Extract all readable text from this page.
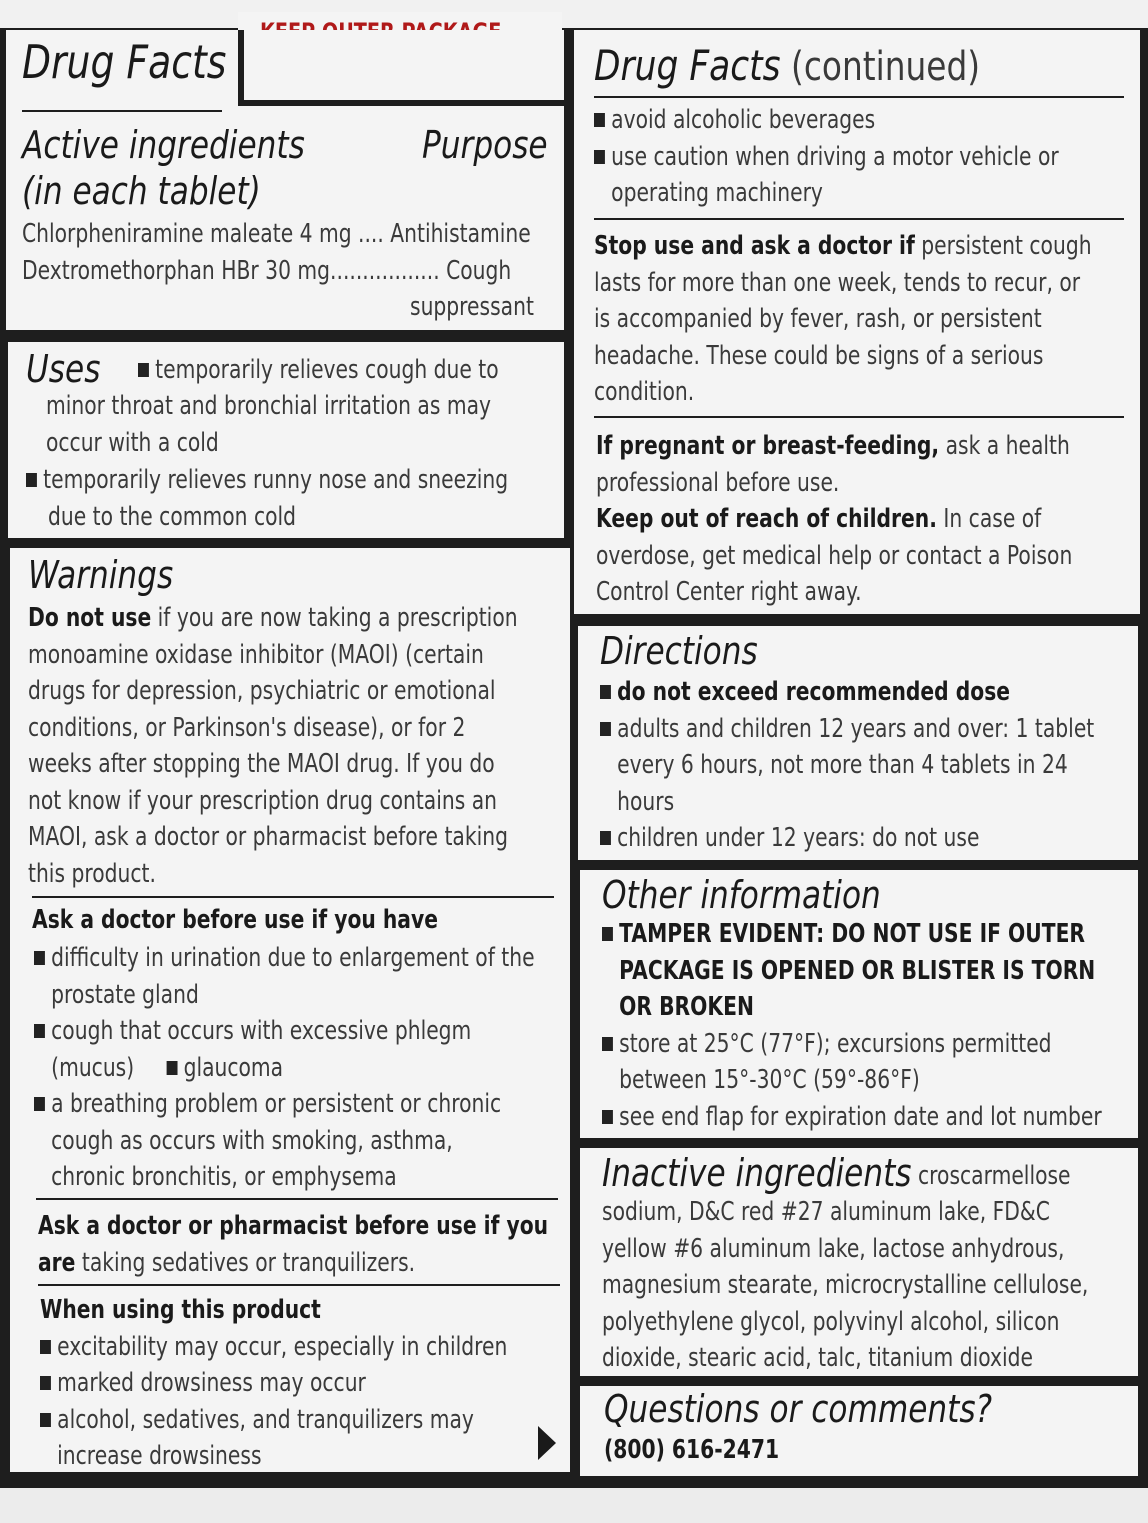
Drug Facts
Active ingredients
(in each tablet)
Purpose
Chlorpheniramine maleate 4 mg .... Antihistamine
Dextromethorphan HBr 30 mg................. Cough
suppressant
Uses	temporarily relieves cough due to
minor throat and bronchial irritation as may
occur with a cold
temporarily relieves runny nose and sneezing
due to the common cold
Warnings
Do not use if you are now taking a prescription
monoamine oxidase inhibitor (MAOI) (certain
drugs for depression, psychiatric or emotional
conditions, or Parkinson's disease), or for 2
weeks after stopping the MAOI drug. If you do
not know if your prescription drug contains an
MAOI, ask a doctor or pharmacist before taking
this product.
Ask a doctor before use if you have
difficulty in urination due to enlargement of the
prostate gland
cough that occurs with excessive phlegm
(mucus) glaucoma
a breathing problem or persistent or chronic
cough as occurs with smoking, asthma,
chronic bronchitis, or emphysema
Ask a doctor or pharmacist before use if you
are taking sedatives or tranquilizers.
When using this product
excitability may occur, especially in children
marked drowsiness may occur
alcohol, sedatives, and tranquilizers may
increase drowsiness
Drug Facts (continued)
avoid alcoholic beverages
use caution when driving a motor vehicle or
operating machinery
Stop use and ask a doctor if persistent cough
lasts for more than one week, tends to recur, or
is accompanied by fever, rash, or persistent
headache. These could be signs of a serious
condition.
If pregnant or breast-feeding, ask a health
professional before use.
Keep out of reach of children. In case of
overdose, get medical help or contact a Poison
Control Center right away.
Directions
do not exceed recommended dose
adults and children 12 years and over: 1 tablet
every 6 hours, not more than 4 tablets in 24
hours
children under 12 years: do not use
Other information
TAMPER EVIDENT: DO NOT USE IF OUTER
PACKAGE IS OPENED OR BLISTER IS TORN
OR BROKEN
store at 25°C (77°F); excursions permitted
between 15°-30°C (59°-86°F)
see end flap for expiration date and lot number
Inactive ingredients croscarmellose
sodium, D&C red #27 aluminum lake, FD&C
yellow #6 aluminum lake, lactose anhydrous,
magnesium stearate, microcrystalline cellulose,
polyethylene glycol, polyvinyl alcohol, silicon
dioxide, stearic acid, talc, titanium dioxide
Questions or comments?
(800) 616-2471
